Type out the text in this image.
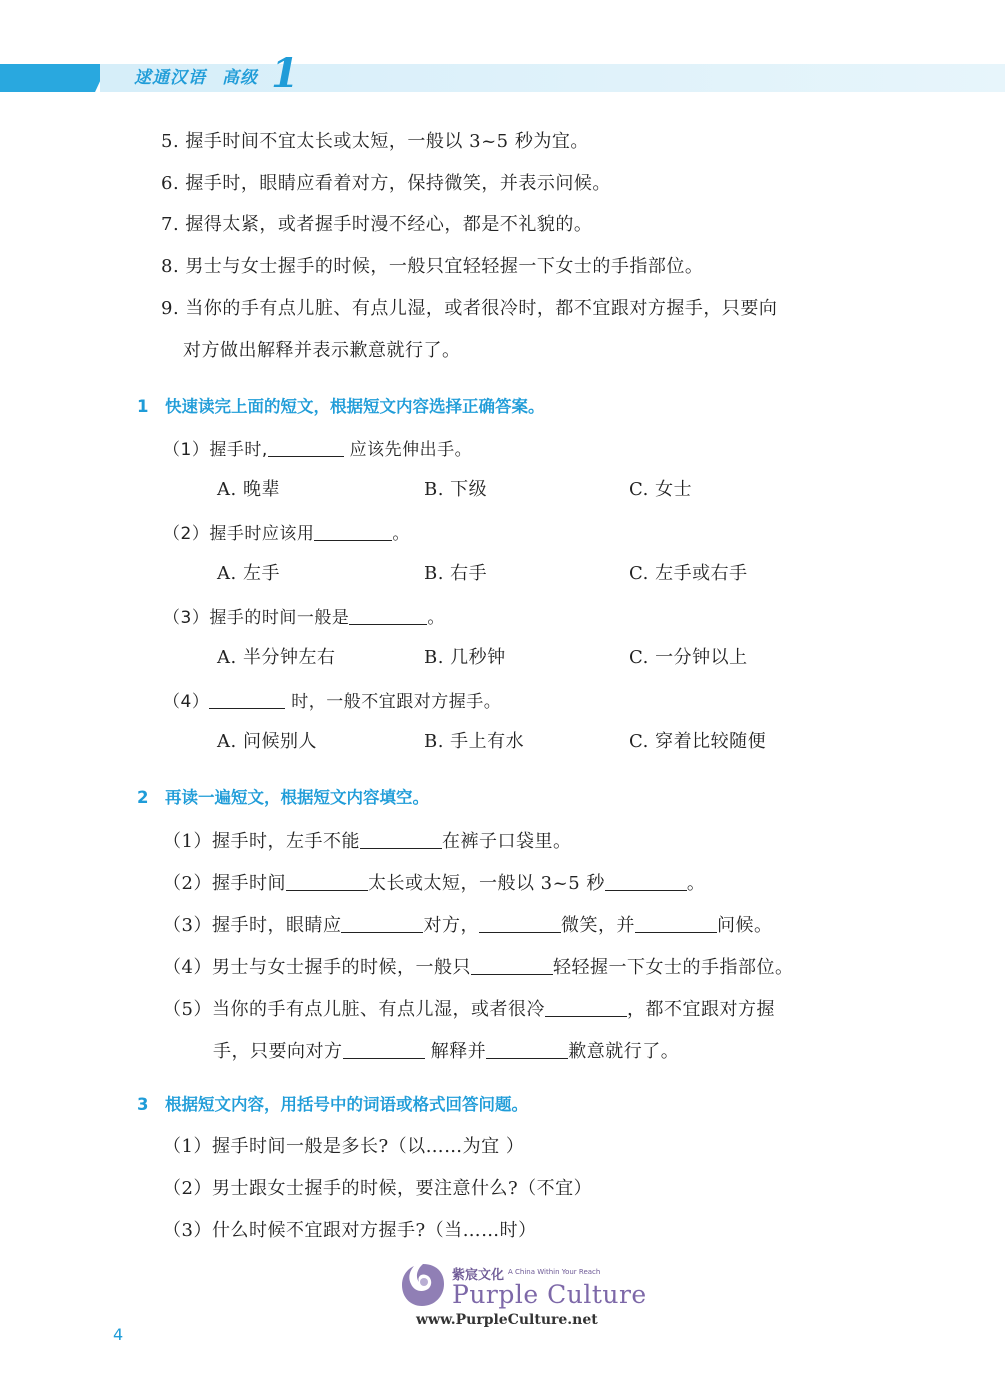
逑通汉语 高级 1
5. 握手时间不宜太长或太短，一般以 3~5 秒为宜。
6. 握手时，眼睛应看着对方，保持微笑，并表示问候。
7. 握得太紧，或者握手时漫不经心，都是不礼貌的。
8. 男士与女士握手的时候，一般只宜轻轻握一下女士的手指部位。
9. 当你的手有点儿脏、有点儿湿，或者很冷时，都不宜跟对方握手，只要向
对方做出解释并表示歉意就行了。
1 快速读完上面的短文，根据短文内容选择正确答案。
（1）握手时,	应该先伸出手。
A. 晚辈	B. 下级	C. 女士
（2）握手时应该用	。
A. 左手	B. 右手	C. 左手或右手
（3）握手的时间一般是	。
A. 半分钟左右	B. 几秒钟	C. 一分钟以上
（4）	时，一般不宜跟对方握手。
A. 问候别人	B. 手上有水	C. 穿着比较随便
2 再读一遍短文，根据短文内容填空。
（1）握手时，左手不能	在裤子口袋里。
（2）握手时间	太长或太短，一般以 3~5 秒	。
（3）握手时，眼睛应	对方，	微笑，并	问候。
（4）男士与女士握手的时候，一般只	轻轻握一下女士的手指部位。
（5）当你的手有点儿脏、有点儿湿，或者很冷	，都不宜跟对方握
手，只要向对方	解释并	歉意就行了。
3 根据短文内容，用括号中的词语或格式回答问题。
（1）握手时间一般是多长?（以……为宜 ）
（2）男士跟女士握手的时候，要注意什么?（不宜）
（3）什么时候不宜跟对方握手?（当……时）
紫宸文化 A China Within Your Reach
Purple Culture
www.PurpleCulture.net
4
